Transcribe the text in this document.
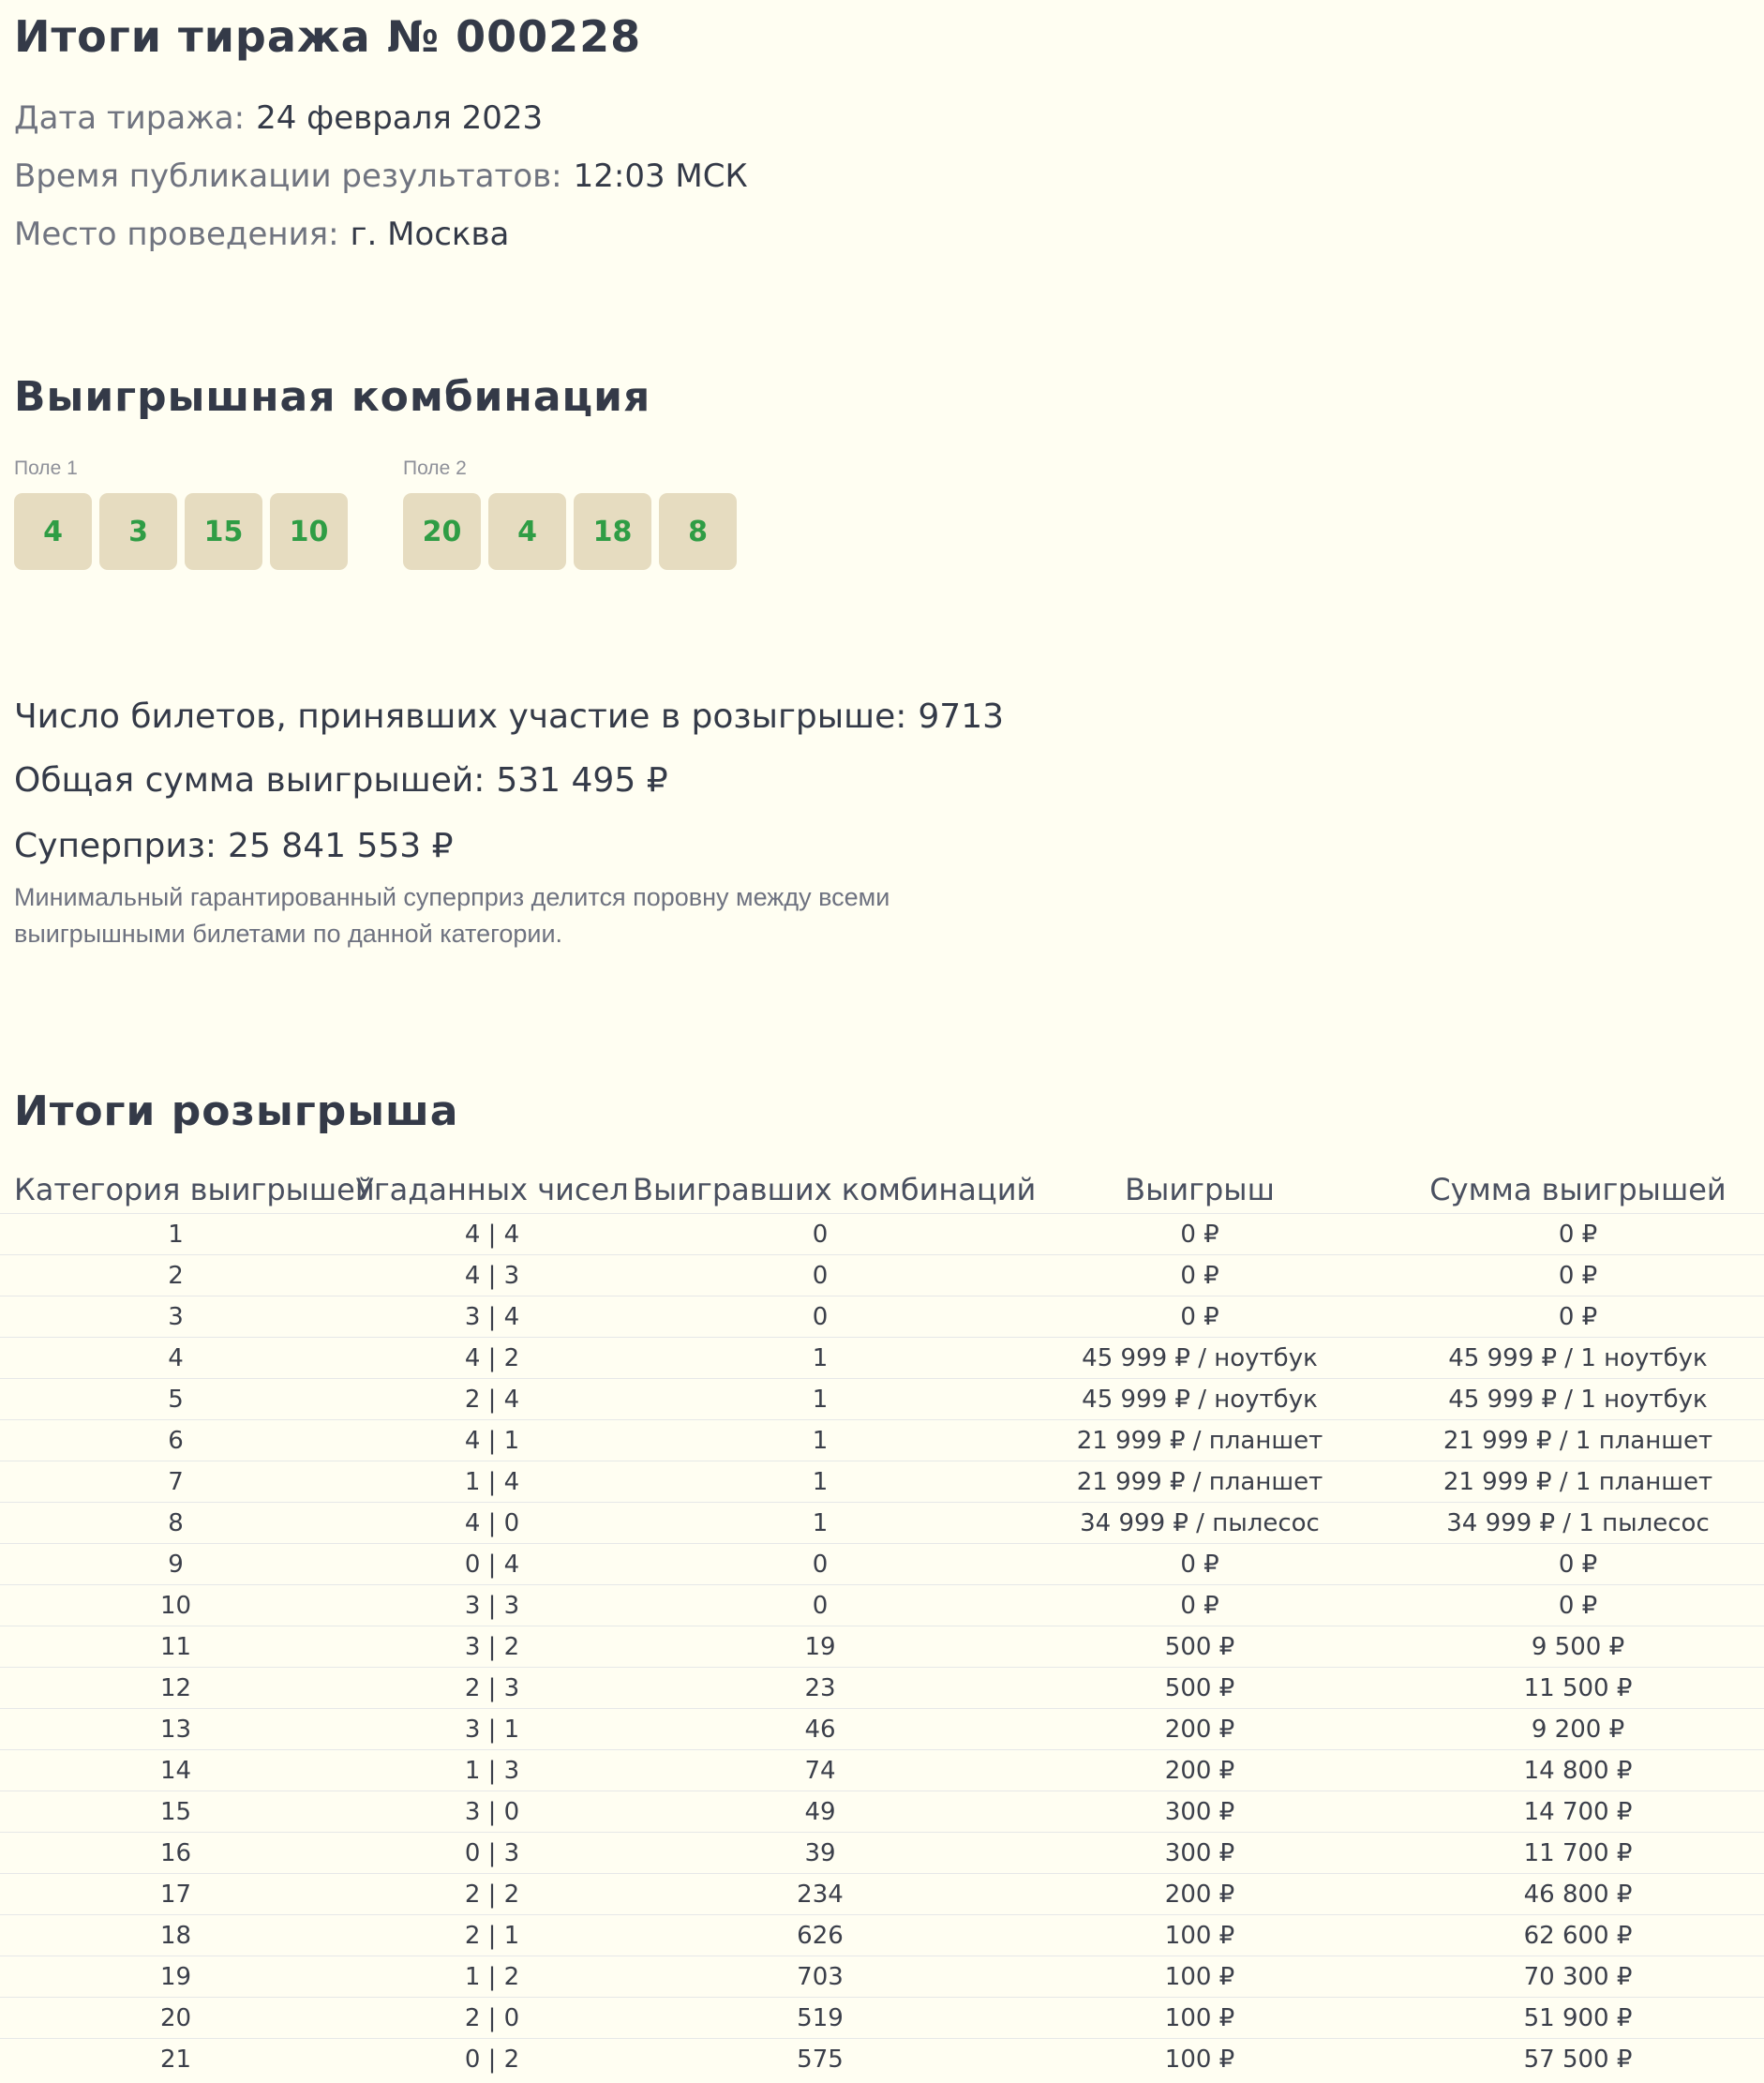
Итоги тиража № 000228
Дата тиража: 24 февраля 2023
Время публикации результатов: 12:03 МСК
Место проведения: г. Москва
Выигрышная комбинация
Поле 1
4	3	15	10
Поле 2
20	4	18	8
Число билетов, принявших участие в розыгрыше: 9713
Общая сумма выигрышей: 531 495 ₽
Суперприз: 25 841 553 ₽
Минимальный гарантированный суперприз делится поровну между всеми выигрышными билетами по данной категории.
Итоги розыгрыша
Категория выигрышей	Угаданных чисел	Выигравших комбинаций	Выигрыш	Сумма выигрышей
1	4 | 4	0	0 ₽	0 ₽
2	4 | 3	0	0 ₽	0 ₽
3	3 | 4	0	0 ₽	0 ₽
4	4 | 2	1	45 999 ₽ / ноутбук	45 999 ₽ / 1 ноутбук
5	2 | 4	1	45 999 ₽ / ноутбук	45 999 ₽ / 1 ноутбук
6	4 | 1	1	21 999 ₽ / планшет	21 999 ₽ / 1 планшет
7	1 | 4	1	21 999 ₽ / планшет	21 999 ₽ / 1 планшет
8	4 | 0	1	34 999 ₽ / пылесос	34 999 ₽ / 1 пылесос
9	0 | 4	0	0 ₽	0 ₽
10	3 | 3	0	0 ₽	0 ₽
11	3 | 2	19	500 ₽	9 500 ₽
12	2 | 3	23	500 ₽	11 500 ₽
13	3 | 1	46	200 ₽	9 200 ₽
14	1 | 3	74	200 ₽	14 800 ₽
15	3 | 0	49	300 ₽	14 700 ₽
16	0 | 3	39	300 ₽	11 700 ₽
17	2 | 2	234	200 ₽	46 800 ₽
18	2 | 1	626	100 ₽	62 600 ₽
19	1 | 2	703	100 ₽	70 300 ₽
20	2 | 0	519	100 ₽	51 900 ₽
21	0 | 2	575	100 ₽	57 500 ₽
